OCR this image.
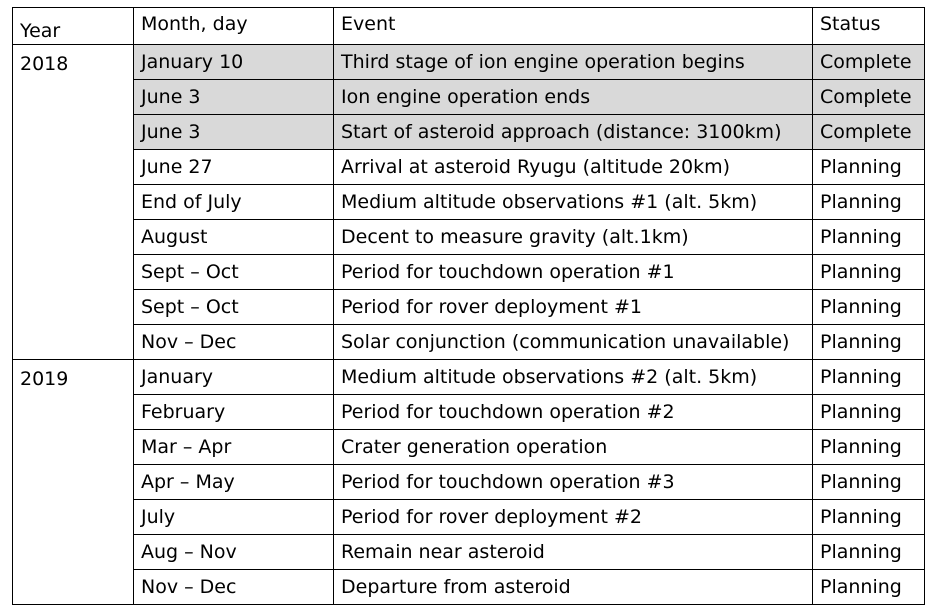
Year	Month, day	Event	Status
2018	January 10	Third stage of ion engine operation begins	Complete
	June 3	Ion engine operation ends	Complete
	June 3	Start of asteroid approach (distance: 3100km)	Complete
	June 27	Arrival at asteroid Ryugu (altitude 20km)	Planning
	End of July	Medium altitude observations #1 (alt. 5km)	Planning
	August	Decent to measure gravity (alt.1km)	Planning
	Sept – Oct	Period for touchdown operation #1	Planning
	Sept – Oct	Period for rover deployment #1	Planning
	Nov – Dec	Solar conjunction (communication unavailable)	Planning
2019	January	Medium altitude observations #2 (alt. 5km)	Planning
	February	Period for touchdown operation #2	Planning
	Mar – Apr	Crater generation operation	Planning
	Apr – May	Period for touchdown operation #3	Planning
	July	Period for rover deployment #2	Planning
	Aug – Nov	Remain near asteroid	Planning
	Nov – Dec	Departure from asteroid	Planning
